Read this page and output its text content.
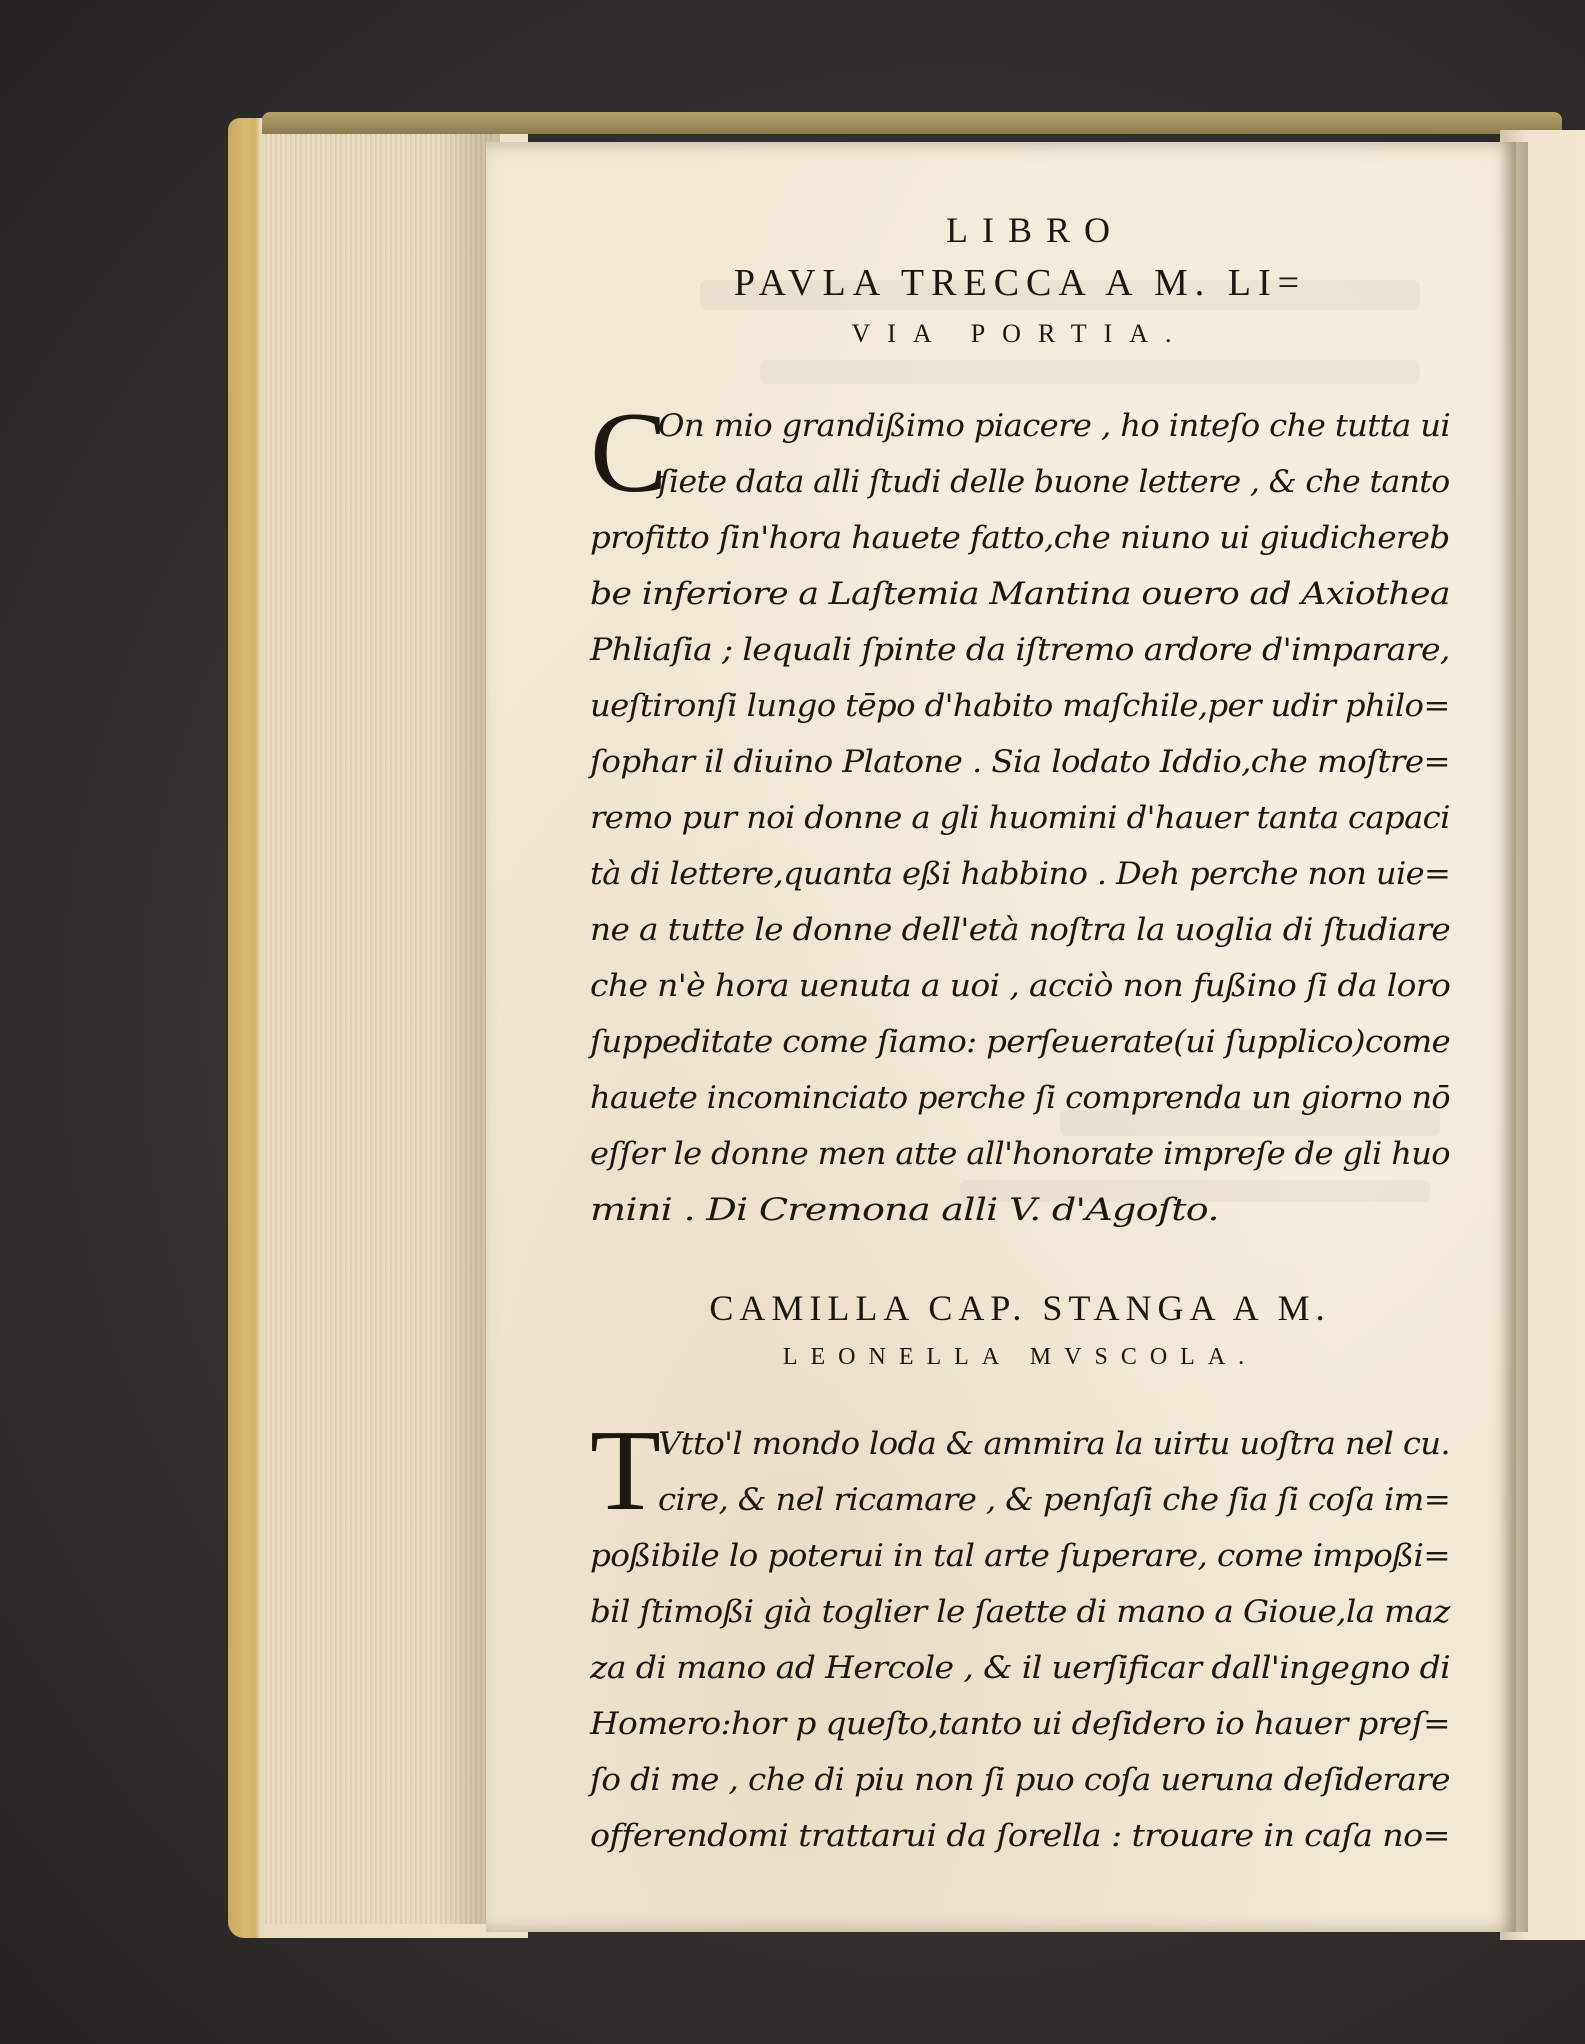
LIBRO
PAVLA TRECCA A M. LI=
VIA PORTIA.
C
On mio grandißimo piacere , ho inteſo che tutta ui
ſiete data alli ſtudi delle buone lettere , & che tanto
profitto ſin'hora hauete fatto,che niuno ui giudichereb
be inferiore a Laſtemia Mantina ouero ad Axiothea
Phliaſia ; lequali ſpinte da iſtremo ardore d'imparare,
ueſtironſi lungo tēpo d'habito maſchile,per udir philo=
ſophar il diuino Platone . Sia lodato Iddio,che moſtre=
remo pur noi donne a gli huomini d'hauer tanta capaci
tà di lettere,quanta eßi habbino . Deh perche non uie=
ne a tutte le donne dell'età noſtra la uoglia di ſtudiare
che n'è hora uenuta a uoi , acciò non fußino ſi da loro
ſuppeditate come ſiamo: perſeuerate(ui ſupplico)come
hauete incominciato perche ſi comprenda un giorno nō
eſſer le donne men atte all'honorate impreſe de gli huo
mini . Di Cremona alli V. d'Agoſto.
CAMILLA CAP. STANGA A M.
LEONELLA MVSCOLA.
T
Vtto'l mondo loda & ammira la uirtu uoſtra nel cu.
cire, & nel ricamare , & penſaſi che ſia ſi coſa im=
poßibile lo poterui in tal arte ſuperare, come impoßi=
bil ſtimoßi già toglier le ſaette di mano a Gioue,la maz
za di mano ad Hercole , & il uerſificar dall'ingegno di
Homero:hor p queſto,tanto ui deſidero io hauer preſ=
ſo di me , che di piu non ſi puo coſa ueruna deſiderare
offerendomi trattarui da ſorella : trouare in caſa no=
